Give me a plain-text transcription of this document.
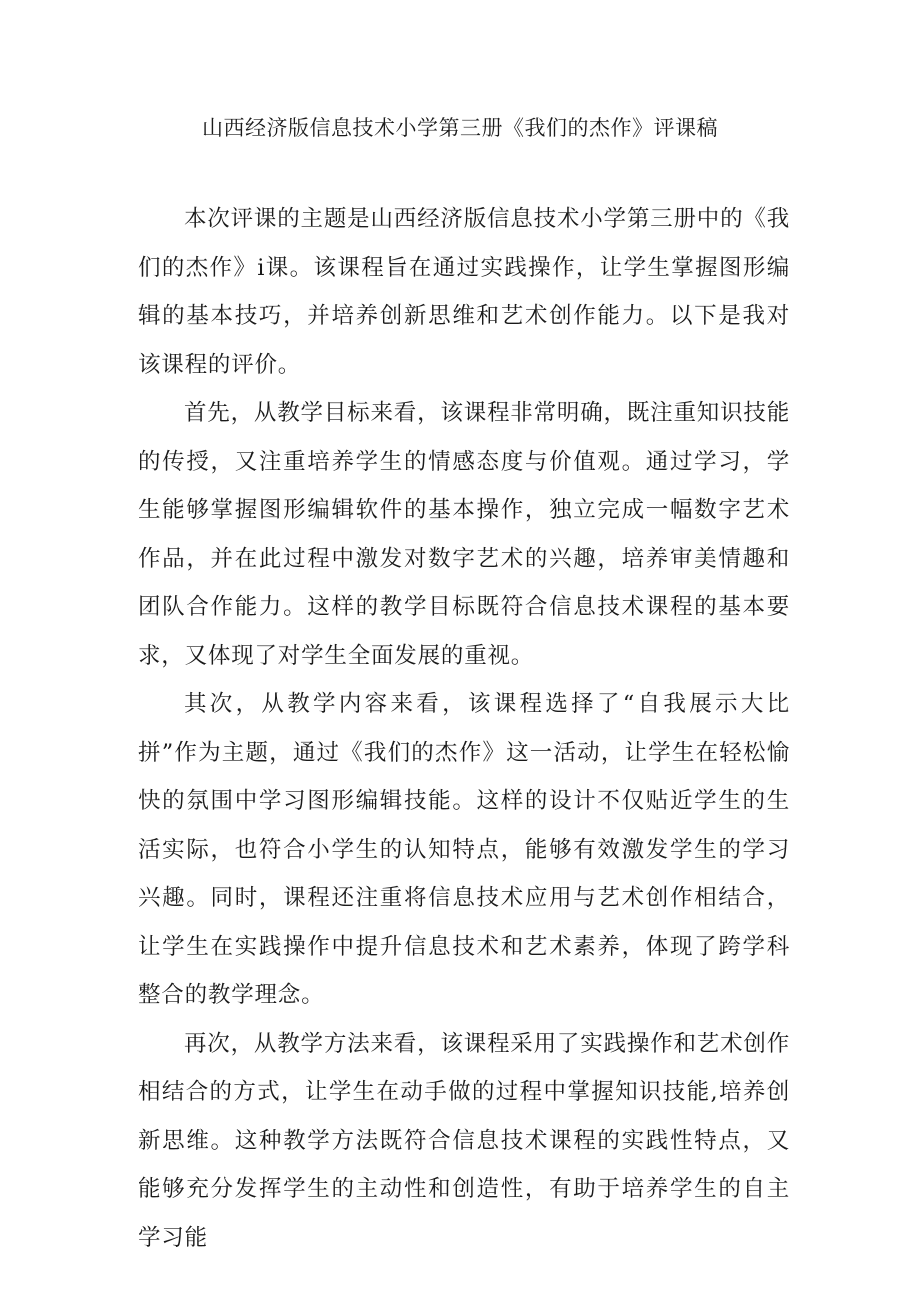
山西经济版信息技术小学第三册《我们的杰作》评课稿

本次评课的主题是山西经济版信息技术小学第三册中的《我们的杰作》i课。该课程旨在通过实践操作，让学生掌握图形编辑的基本技巧，并培养创新思维和艺术创作能力。以下是我对该课程的评价。

首先，从教学目标来看，该课程非常明确，既注重知识技能的传授，又注重培养学生的情感态度与价值观。通过学习，学生能够掌握图形编辑软件的基本操作，独立完成一幅数字艺术作品，并在此过程中激发对数字艺术的兴趣，培养审美情趣和团队合作能力。这样的教学目标既符合信息技术课程的基本要求，又体现了对学生全面发展的重视。

其次，从教学内容来看，该课程选择了“自我展示大比拼”作为主题，通过《我们的杰作》这一活动，让学生在轻松愉快的氛围中学习图形编辑技能。这样的设计不仅贴近学生的生活实际，也符合小学生的认知特点，能够有效激发学生的学习兴趣。同时，课程还注重将信息技术应用与艺术创作相结合，让学生在实践操作中提升信息技术和艺术素养，体现了跨学科整合的教学理念。

再次，从教学方法来看，该课程采用了实践操作和艺术创作相结合的方式，让学生在动手做的过程中掌握知识技能,培养创新思维。这种教学方法既符合信息技术课程的实践性特点，又能够充分发挥学生的主动性和创造性，有助于培养学生的自主学习能
